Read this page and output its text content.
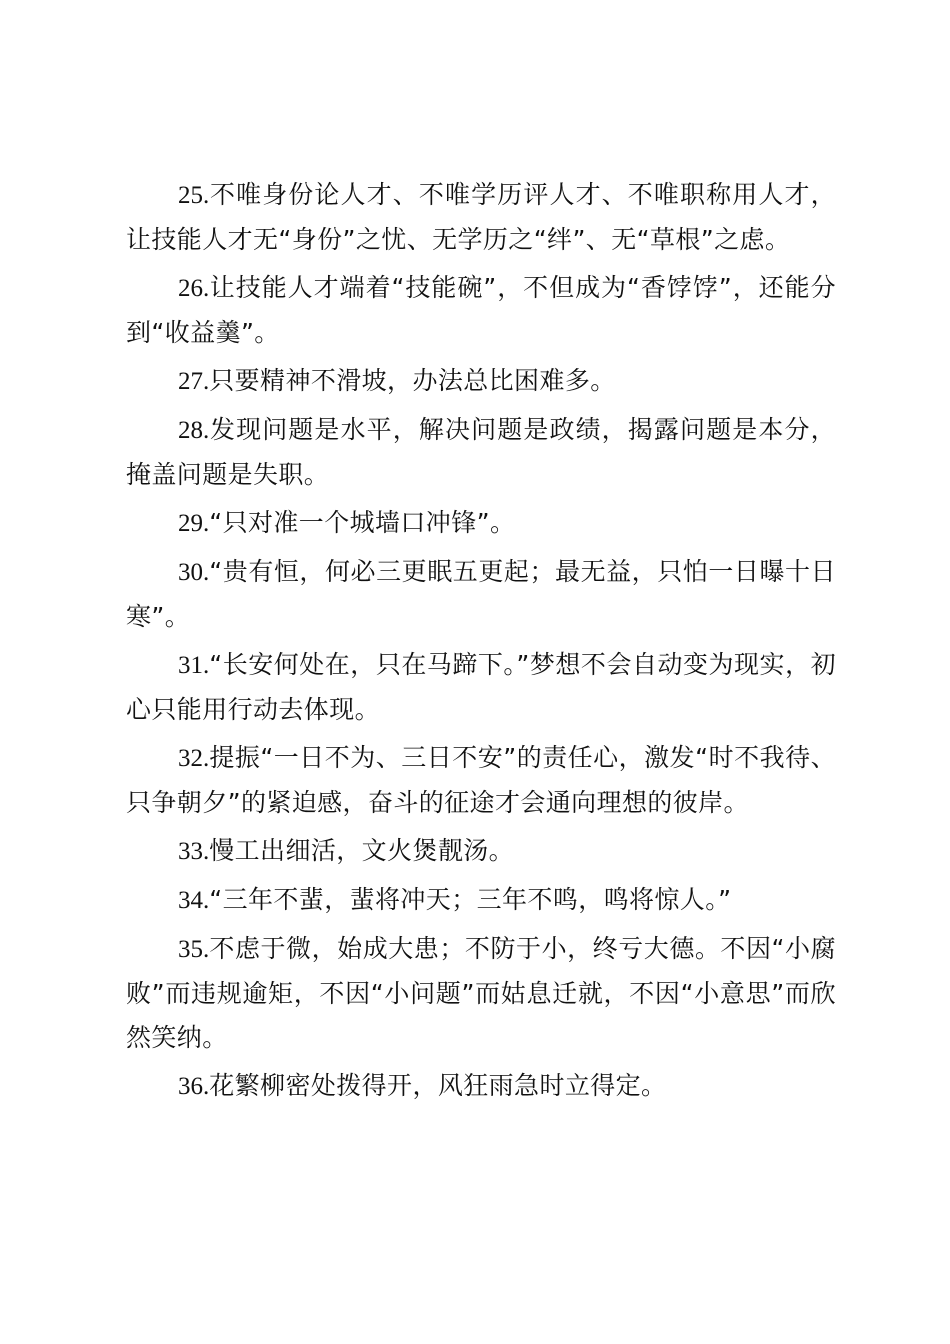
25.不唯身份论人才、不唯学历评人才、不唯职称用人才，让技能人才无“身份”之忧、无学历之“绊”、无“草根”之虑。

26.让技能人才端着“技能碗”，不但成为“香饽饽”，还能分到“收益羹”。

27.只要精神不滑坡，办法总比困难多。

28.发现问题是水平，解决问题是政绩，揭露问题是本分，掩盖问题是失职。

29.“只对准一个城墙口冲锋”。

30.“贵有恒，何必三更眠五更起；最无益，只怕一日曝十日寒”。

31.“长安何处在，只在马蹄下。”梦想不会自动变为现实，初心只能用行动去体现。

32.提振“一日不为、三日不安”的责任心，激发“时不我待、只争朝夕”的紧迫感，奋斗的征途才会通向理想的彼岸。

33.慢工出细活，文火煲靓汤。

34.“三年不蜚，蜚将冲天；三年不鸣，鸣将惊人。”

35.不虑于微，始成大患；不防于小，终亏大德。不因“小腐败”而违规逾矩，不因“小问题”而姑息迁就，不因“小意思”而欣然笑纳。

36.花繁柳密处拨得开，风狂雨急时立得定。
